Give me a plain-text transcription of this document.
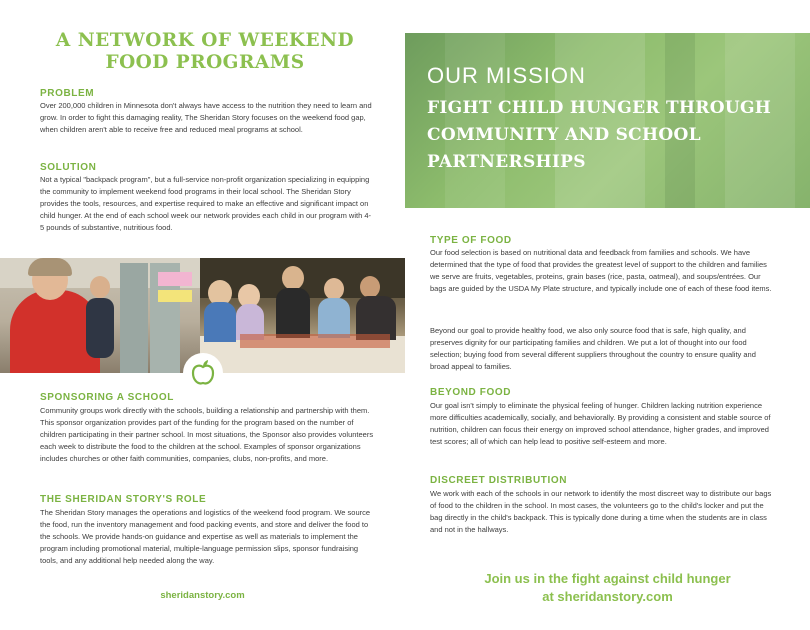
A NETWORK OF WEEKEND
FOOD PROGRAMS
PROBLEM
Over 200,000 children in Minnesota don't always have access to the nutrition they need to learn and grow. In order to fight this damaging reality, The Sheridan Story focuses on the weekend food gap, when children aren't able to receive free and reduced meal programs at school.
SOLUTION
Not a typical "backpack program", but a full-service non-profit organization specializing in equipping the community to implement weekend food programs in their local school. The Sheridan Story provides the tools, resources, and expertise required to make an effective and significant impact on child hunger. At the end of each school week our network provides each child in our program with 4-5 pounds of substantive, nutritious food.
SPONSORING A SCHOOL
Community groups work directly with the schools, building a relationship and partnership with them. This sponsor organization provides part of the funding for the program based on the number of children participating in their partner school. In most situations, the Sponsor also provides volunteers each week to distribute the food to the children at the school. Examples of sponsor organizations includes churches or other faith communities, companies, clubs, non-profits, and more.
THE SHERIDAN STORY'S ROLE
The Sheridan Story manages the operations and logistics of the weekend food program. We source the food, run the inventory management and food packing events, and store and deliver the food to the schools. We provide hands-on guidance and expertise as well as materials to implement the program including promotional material, multiple-language permission slips, sponsor fundraising tools, and any additional help needed along the way.
sheridanstory.com
OUR MISSION
FIGHT CHILD HUNGER THROUGH
COMMUNITY AND SCHOOL
PARTNERSHIPS
TYPE OF FOOD
Our food selection is based on nutritional data and feedback from families and schools. We have determined that the type of food that provides the greatest level of support to the children and families we serve are fruits, vegetables, proteins, grain bases (rice, pasta, oatmeal), and soups/entrées. Our bags are guided by the USDA My Plate structure, and typically include one of each of these food items.
Beyond our goal to provide healthy food, we also only source food that is safe, high quality, and preserves dignity for our participating families and children. We put a lot of thought into our food selection; buying food from several different suppliers throughout the country to ensure quality and broad appeal to families.
BEYOND FOOD
Our goal isn't simply to eliminate the physical feeling of hunger. Children lacking nutrition experience more difficulties academically, socially, and behaviorally. By providing a consistent and stable source of nutrition, children can focus their energy on improved school attendance, higher grades, and improved test scores; all of which can help lead to positive self-esteem and more.
DISCREET DISTRIBUTION
We work with each of the schools in our network to identify the most discreet way to distribute our bags of food to the children in the school. In most cases, the volunteers go to the child's locker and put the bag directly in the child's backpack. This is typically done during a time when the students are in class and not in the hallways.
Join us in the fight against child hunger
at sheridanstory.com
